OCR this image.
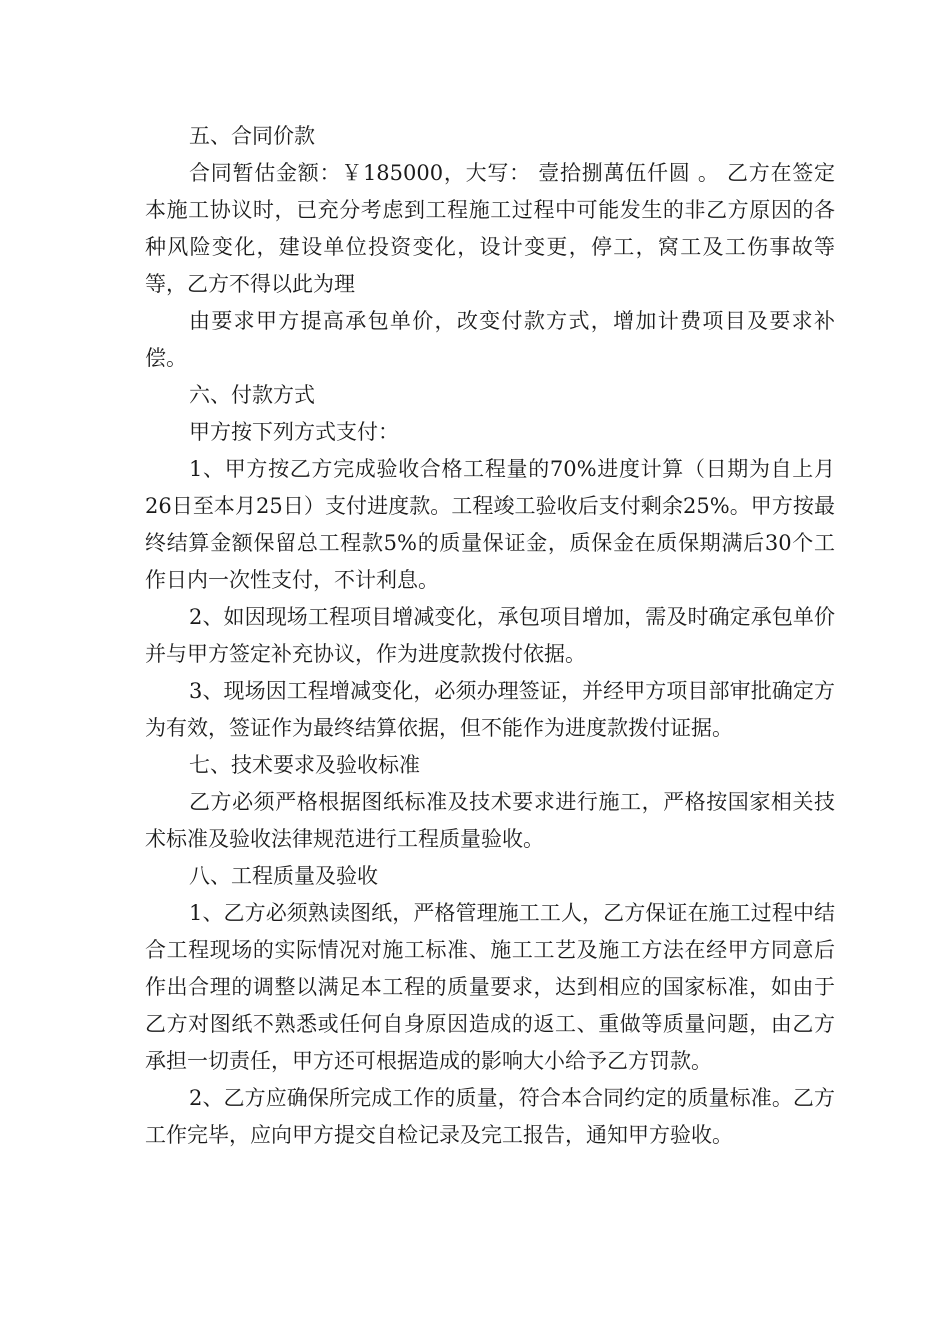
五、合同价款

合同暂估金额：￥185000，大写： 壹拾捌萬伍仟圆 。 乙方在签定本施工协议时，已充分考虑到工程施工过程中可能发生的非乙方原因的各种风险变化，建设单位投资变化，设计变更，停工，窝工及工伤事故等等，乙方不得以此为理

由要求甲方提高承包单价，改变付款方式，增加计费项目及要求补偿。

六、付款方式

甲方按下列方式支付：

1、甲方按乙方完成验收合格工程量的70%进度计算（日期为自上月26日至本月25日）支付进度款。工程竣工验收后支付剩余25%。甲方按最终结算金额保留总工程款5%的质量保证金，质保金在质保期满后30个工作日内一次性支付，不计利息。

2、如因现场工程项目增减变化，承包项目增加，需及时确定承包单价并与甲方签定补充协议，作为进度款拨付依据。

3、现场因工程增减变化，必须办理签证，并经甲方项目部审批确定方为有效，签证作为最终结算依据，但不能作为进度款拨付证据。

七、技术要求及验收标准

乙方必须严格根据图纸标准及技术要求进行施工，严格按国家相关技术标准及验收法律规范进行工程质量验收。

八、工程质量及验收

1、乙方必须熟读图纸，严格管理施工工人，乙方保证在施工过程中结合工程现场的实际情况对施工标准、施工工艺及施工方法在经甲方同意后作出合理的调整以满足本工程的质量要求，达到相应的国家标准，如由于乙方对图纸不熟悉或任何自身原因造成的返工、重做等质量问题，由乙方承担一切责任，甲方还可根据造成的影响大小给予乙方罚款。

2、乙方应确保所完成工作的质量，符合本合同约定的质量标准。乙方工作完毕，应向甲方提交自检记录及完工报告，通知甲方验收。
